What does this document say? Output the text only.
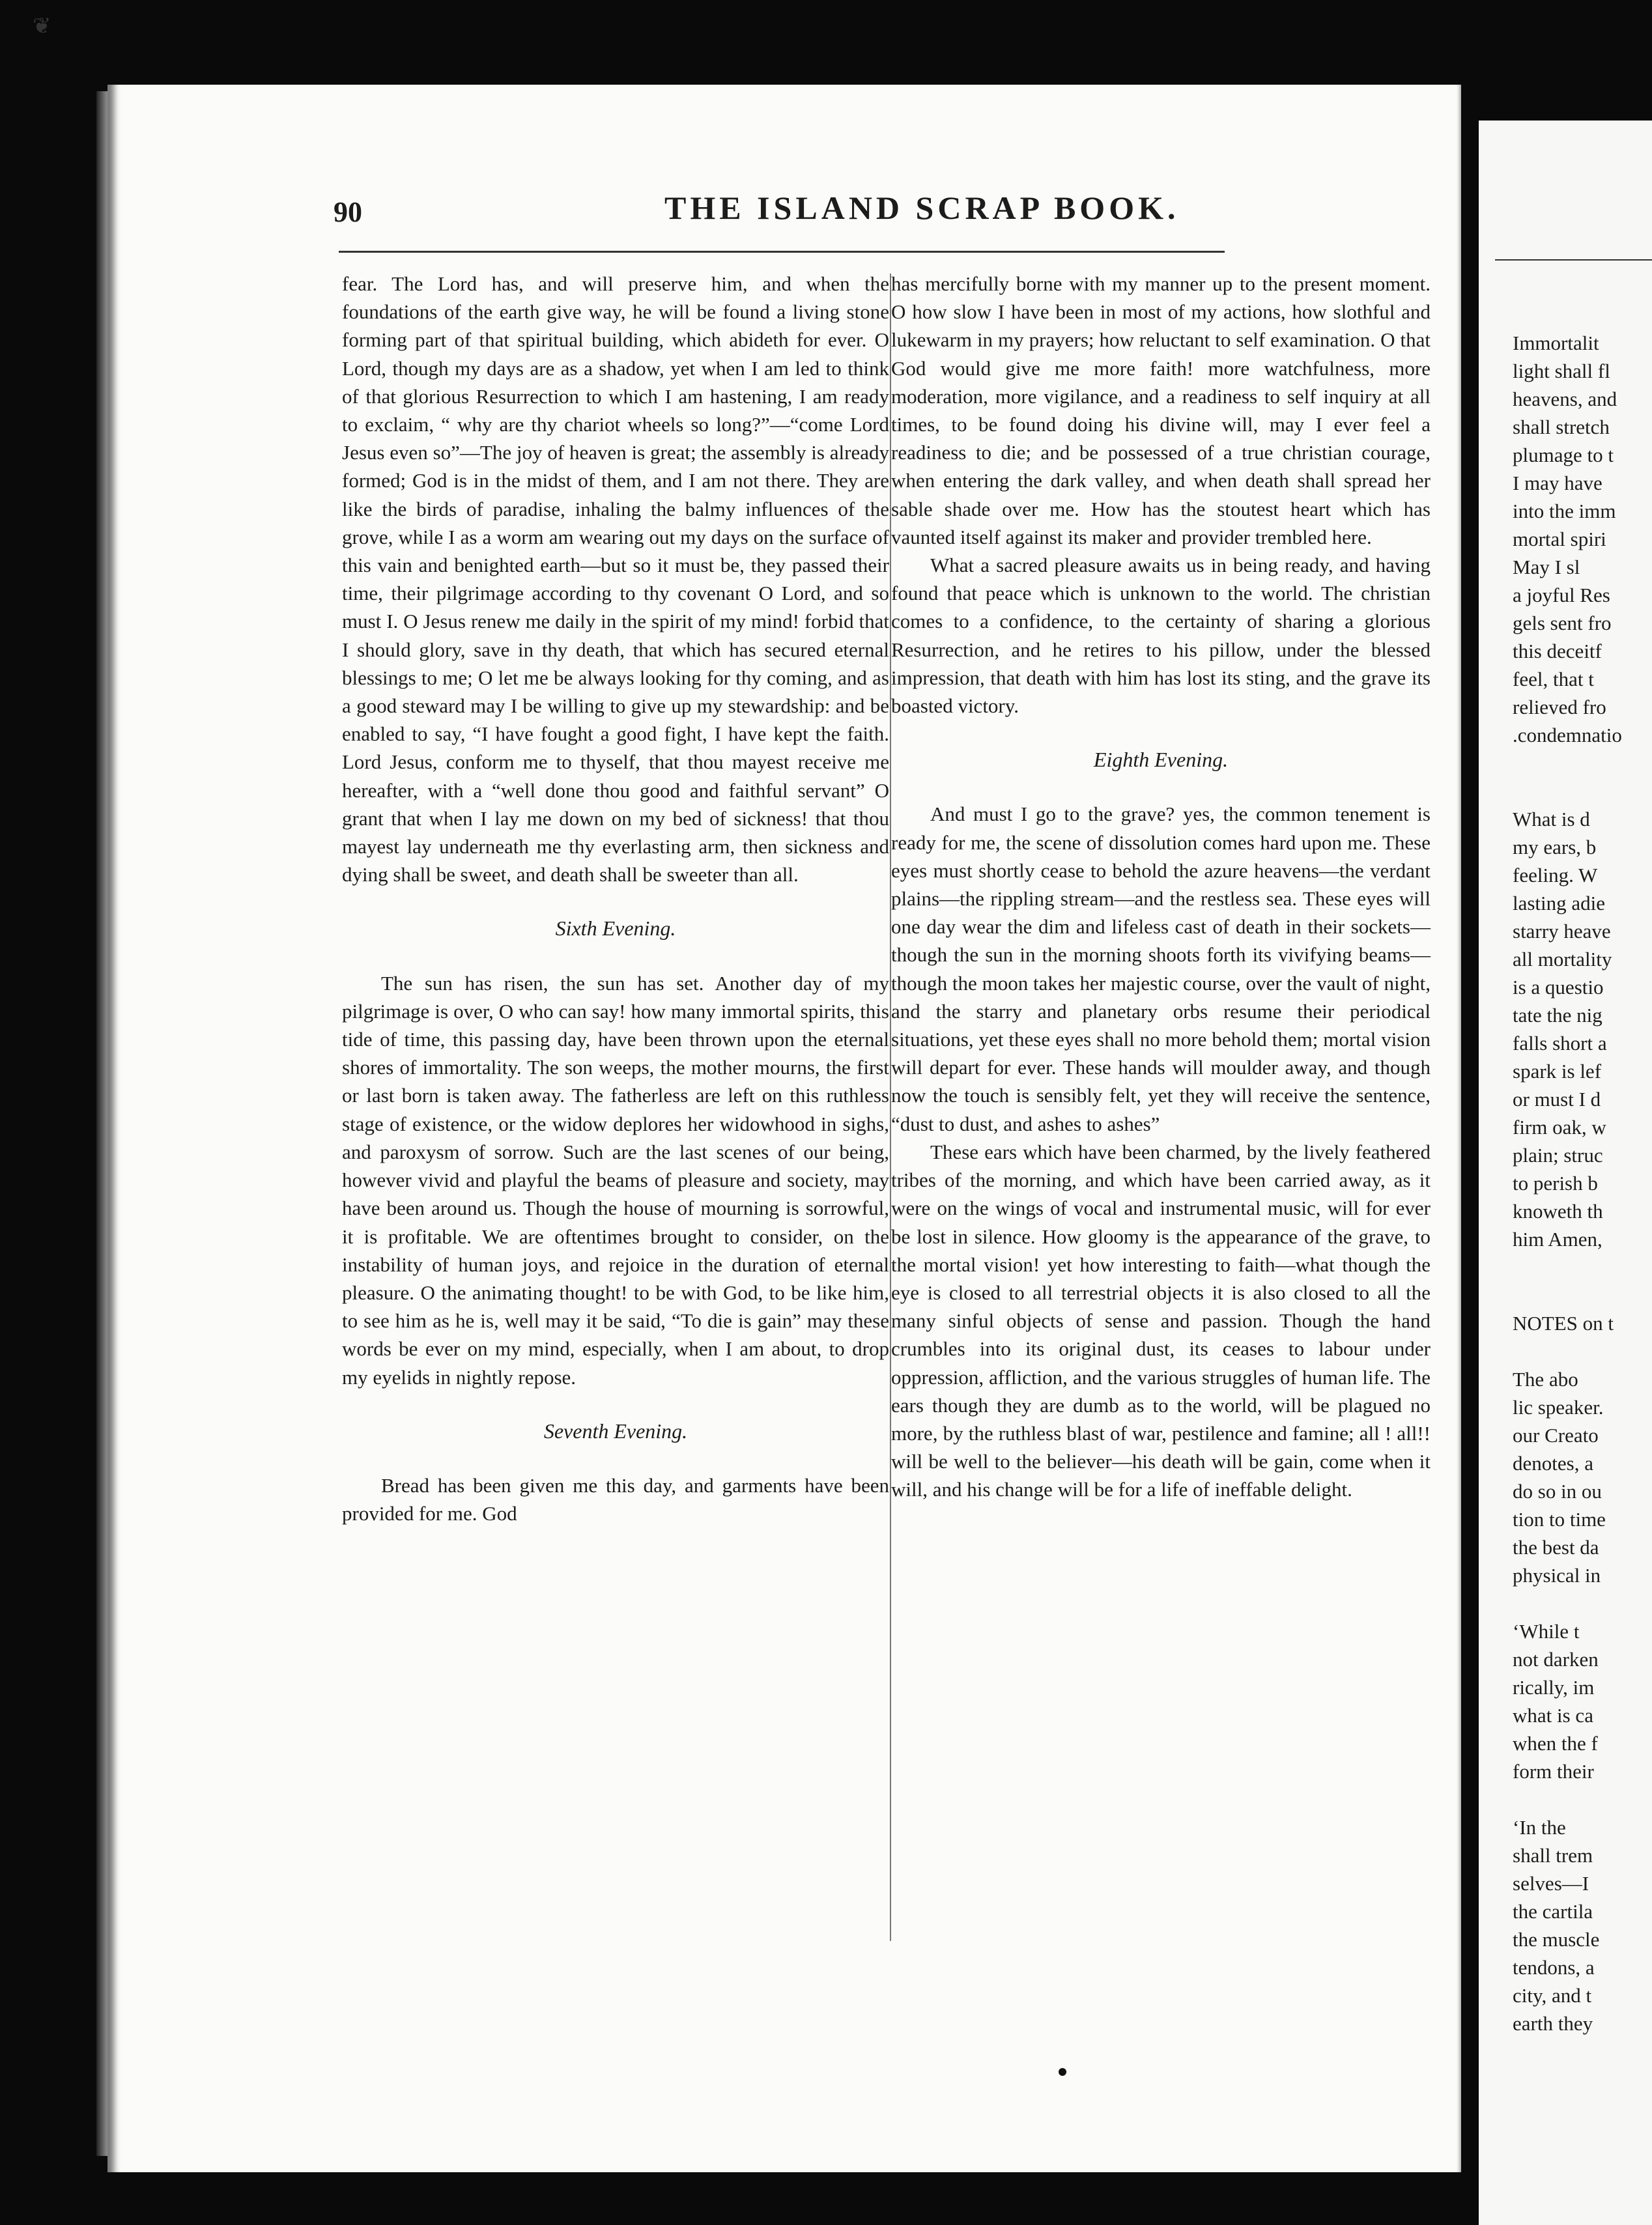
90	THE ISLAND SCRAP BOOK.

fear. The Lord has, and will preserve him, and when the foundations of the earth give way, he will be found a living stone forming part of that spiritual building, which abideth for ever. O Lord, though my days are as a shadow, yet when I am led to think of that glorious Resurrection to which I am hastening, I am ready to exclaim, “ why are thy chariot wheels so long?”—“come Lord Jesus even so”—The joy of heaven is great; the assembly is already formed; God is in the midst of them, and I am not there. They are like the birds of paradise, inhaling the balmy influences of the grove, while I as a worm am wearing out my days on the surface of this vain and benighted earth—but so it must be, they passed their time, their pilgrimage according to thy covenant O Lord, and so must I. O Jesus renew me daily in the spirit of my mind! forbid that I should glory, save in thy death, that which has secured eternal blessings to me; O let me be always looking for thy coming, and as a good steward may I be willing to give up my stewardship: and be enabled to say, “I have fought a good fight, I have kept the faith. Lord Jesus, conform me to thyself, that thou mayest receive me hereafter, with a “well done thou good and faithful servant” O grant that when I lay me down on my bed of sickness! that thou mayest lay underneath me thy everlasting arm, then sickness and dying shall be sweet, and death shall be sweeter than all.

Sixth Evening.

The sun has risen, the sun has set. Another day of my pilgrimage is over, O who can say! how many immortal spirits, this tide of time, this passing day, have been thrown upon the eternal shores of immortality. The son weeps, the mother mourns, the first or last born is taken away. The fatherless are left on this ruthless stage of existence, or the widow deplores her widowhood in sighs, and paroxysm of sorrow. Such are the last scenes of our being, however vivid and playful the beams of pleasure and society, may have been around us. Though the house of mourning is sorrowful, it is profitable. We are oftentimes brought to consider, on the instability of human joys, and rejoice in the duration of eternal pleasure. O the animating thought! to be with God, to be like him, to see him as he is, well may it be said, “To die is gain” may these words be ever on my mind, especially, when I am about, to drop my eyelids in nightly repose.

Seventh Evening.

Bread has been given me this day, and garments have been provided for me. God

has mercifully borne with my manner up to the present moment. O how slow I have been in most of my actions, how slothful and lukewarm in my prayers; how reluctant to self examination. O that God would give me more faith! more watchfulness, more moderation, more vigilance, and a readiness to self inquiry at all times, to be found doing his divine will, may I ever feel a readiness to die; and be possessed of a true christian courage, when entering the dark valley, and when death shall spread her sable shade over me. How has the stoutest heart which has vaunted itself against its maker and provider trembled here.

What a sacred pleasure awaits us in being ready, and having found that peace which is unknown to the world. The christian comes to a confidence, to the certainty of sharing a glorious Resurrection, and he retires to his pillow, under the blessed impression, that death with him has lost its sting, and the grave its boasted victory.

Eighth Evening.

And must I go to the grave? yes, the common tenement is ready for me, the scene of dissolution comes hard upon me. These eyes must shortly cease to behold the azure heavens—the verdant plains—the rippling stream—and the restless sea. These eyes will one day wear the dim and lifeless cast of death in their sockets—though the sun in the morning shoots forth its vivifying beams—though the moon takes her majestic course, over the vault of night, and the starry and planetary orbs resume their periodical situations, yet these eyes shall no more behold them; mortal vision will depart for ever. These hands will moulder away, and though now the touch is sensibly felt, yet they will receive the sentence, “dust to dust, and ashes to ashes”

These ears which have been charmed, by the lively feathered tribes of the morning, and which have been carried away, as it were on the wings of vocal and instrumental music, will for ever be lost in silence. How gloomy is the appearance of the grave, to the mortal vision! yet how interesting to faith—what though the eye is closed to all terrestrial objects it is also closed to all the many sinful objects of sense and passion. Though the hand crumbles into its original dust, its ceases to labour under oppression, affliction, and the various struggles of human life. The ears though they are dumb as to the world, will be plagued no more, by the ruthless blast of war, pestilence and famine; all ! all!! will be well to the believer—his death will be gain, come when it will, and his change will be for a life of ineffable delight.

Immortalit
light shall fl
heavens, and
shall stretch
plumage to t
I may have
into the imm
mortal spiri
May I sl
a joyful Res
gels sent fro
this deceitf
feel, that t
relieved fro
.condemnatio
What is d
my ears, b
feeling. W
lasting adie
starry heave
all mortality
is a questio
tate the nig
falls short a
spark is lef
or must I d
firm oak, w
plain; struc
to perish b
knoweth th
him Amen,
NOTES on t
The abo
lic speaker.
our Creato
denotes, a
do so in ou
tion to time
the best da
physical in
‘While t
not darken
rically, im
what is ca
when the f
form their
‘In the
shall trem
selves—I
the cartila
the muscle
tendons, a
city, and t
earth they
❦
